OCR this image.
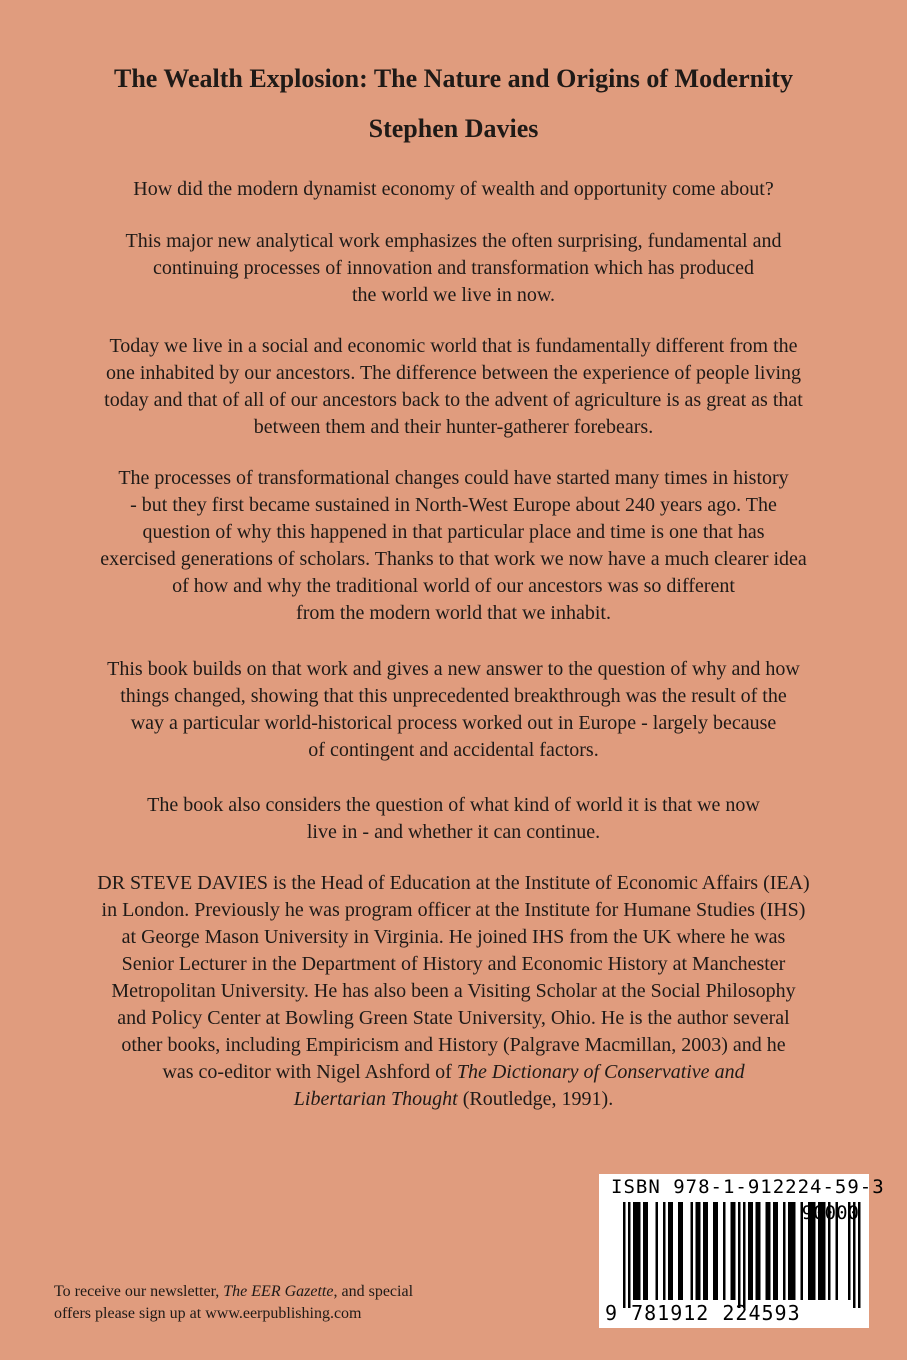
The Wealth Explosion: The Nature and Origins of Modernity
Stephen Davies

How did the modern dynamist economy of wealth and opportunity come about?

This major new analytical work emphasizes the often surprising, fundamental and
continuing processes of innovation and transformation which has produced
the world we live in now.

Today we live in a social and economic world that is fundamentally different from the
one inhabited by our ancestors. The difference between the experience of people living
today and that of all of our ancestors back to the advent of agriculture is as great as that
between them and their hunter-gatherer forebears.

The processes of transformational changes could have started many times in history
- but they first became sustained in North-West Europe about 240 years ago. The
question of why this happened in that particular place and time is one that has
exercised generations of scholars. Thanks to that work we now have a much clearer idea
of how and why the traditional world of our ancestors was so different
from the modern world that we inhabit.

This book builds on that work and gives a new answer to the question of why and how
things changed, showing that this unprecedented breakthrough was the result of the
way a particular world-historical process worked out in Europe - largely because
of contingent and accidental factors.

The book also considers the question of what kind of world it is that we now
live in - and whether it can continue.

DR STEVE DAVIES is the Head of Education at the Institute of Economic Affairs (IEA)
in London. Previously he was program officer at the Institute for Humane Studies (IHS)
at George Mason University in Virginia. He joined IHS from the UK where he was
Senior Lecturer in the Department of History and Economic History at Manchester
Metropolitan University. He has also been a Visiting Scholar at the Social Philosophy
and Policy Center at Bowling Green State University, Ohio. He is the author several
other books, including Empiricism and History (Palgrave Macmillan, 2003) and he
was co-editor with Nigel Ashford of The Dictionary of Conservative and
Libertarian Thought (Routledge, 1991).

To receive our newsletter, The EER Gazette, and special
offers please sign up at www.eerpublishing.com

ISBN 978-1-912224-59-3
9 781912 224593
